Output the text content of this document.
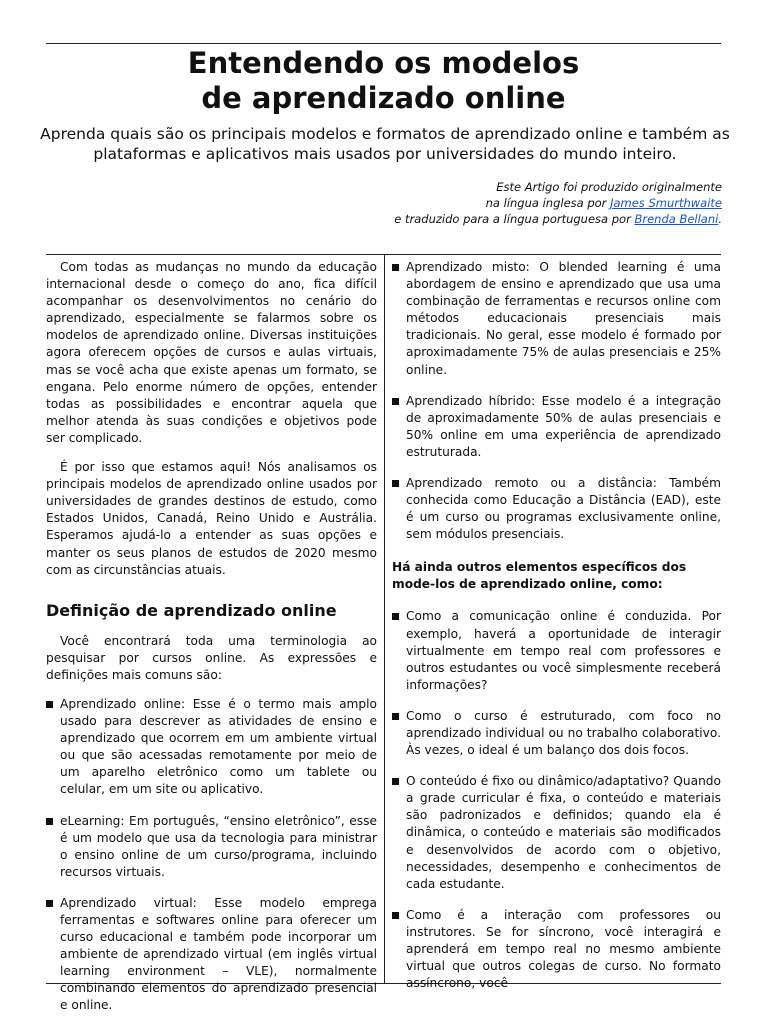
Entendendo os modelos
de aprendizado online

Aprenda quais são os principais modelos e formatos de aprendizado online e também as plataformas e aplicativos mais usados por universidades do mundo inteiro.

Este Artigo foi produzido originalmente
na língua inglesa por James Smurthwaite
e traduzido para a língua portuguesa por Brenda Bellani.

Com todas as mudanças no mundo da educação internacional desde o começo do ano, fica difícil acompanhar os desenvolvimentos no cenário do aprendizado, especialmente se falarmos sobre os modelos de aprendizado online. Diversas instituições agora oferecem opções de cursos e aulas virtuais, mas se você acha que existe apenas um formato, se engana. Pelo enorme número de opções, entender todas as possibilidades e encontrar aquela que melhor atenda às suas condições e objetivos pode ser complicado.

É por isso que estamos aqui! Nós analisamos os principais modelos de aprendizado online usados por universidades de grandes destinos de estudo, como Estados Unidos, Canadá, Reino Unido e Austrália. Esperamos ajudá-lo a entender as suas opções e manter os seus planos de estudos de 2020 mesmo com as circunstâncias atuais.

Definição de aprendizado online

Você encontrará toda uma terminologia ao pesquisar por cursos online. As expressões e definições mais comuns são:

Aprendizado online: Esse é o termo mais amplo usado para descrever as atividades de ensino e aprendizado que ocorrem em um ambiente virtual ou que são acessadas remotamente por meio de um aparelho eletrônico como um tablete ou celular, em um site ou aplicativo.
eLearning: Em português, “ensino eletrônico”, esse é um modelo que usa da tecnologia para ministrar o ensino online de um curso/programa, incluindo recursos virtuais.
Aprendizado virtual: Esse modelo emprega ferramentas e softwares online para oferecer um curso educacional e também pode incorporar um ambiente de aprendizado virtual (em inglês virtual learning environment – VLE), normalmente combinando elementos do aprendizado presencial e online.
Aprendizado misto: O blended learning é uma abordagem de ensino e aprendizado que usa uma combinação de ferramentas e recursos online com métodos educacionais presenciais mais tradicionais. No geral, esse modelo é formado por aproximadamente 75% de aulas presenciais e 25% online.
Aprendizado híbrido: Esse modelo é a integração de aproximadamente 50% de aulas presenciais e 50% online em uma experiência de aprendizado estruturada.
Aprendizado remoto ou a distância: Também conhecida como Educação a Distância (EAD), este é um curso ou programas exclusivamente online, sem módulos presenciais.
Há ainda outros elementos específicos dos mode-los de aprendizado online, como:
Como a comunicação online é conduzida. Por exemplo, haverá a oportunidade de interagir virtualmente em tempo real com professores e outros estudantes ou você simplesmente receberá informações?
Como o curso é estruturado, com foco no aprendizado individual ou no trabalho colaborativo. Às vezes, o ideal é um balanço dos dois focos.
O conteúdo é fixo ou dinâmico/adaptativo? Quando a grade curricular é fixa, o conteúdo e materiais são padronizados e definidos; quando ela é dinâmica, o conteúdo e materiais são modificados e desenvolvidos de acordo com o objetivo, necessidades, desempenho e conhecimentos de cada estudante.
Como é a interação com professores ou instrutores. Se for síncrono, você interagirá e aprenderá em tempo real no mesmo ambiente virtual que outros colegas de curso. No formato assíncrono, você
